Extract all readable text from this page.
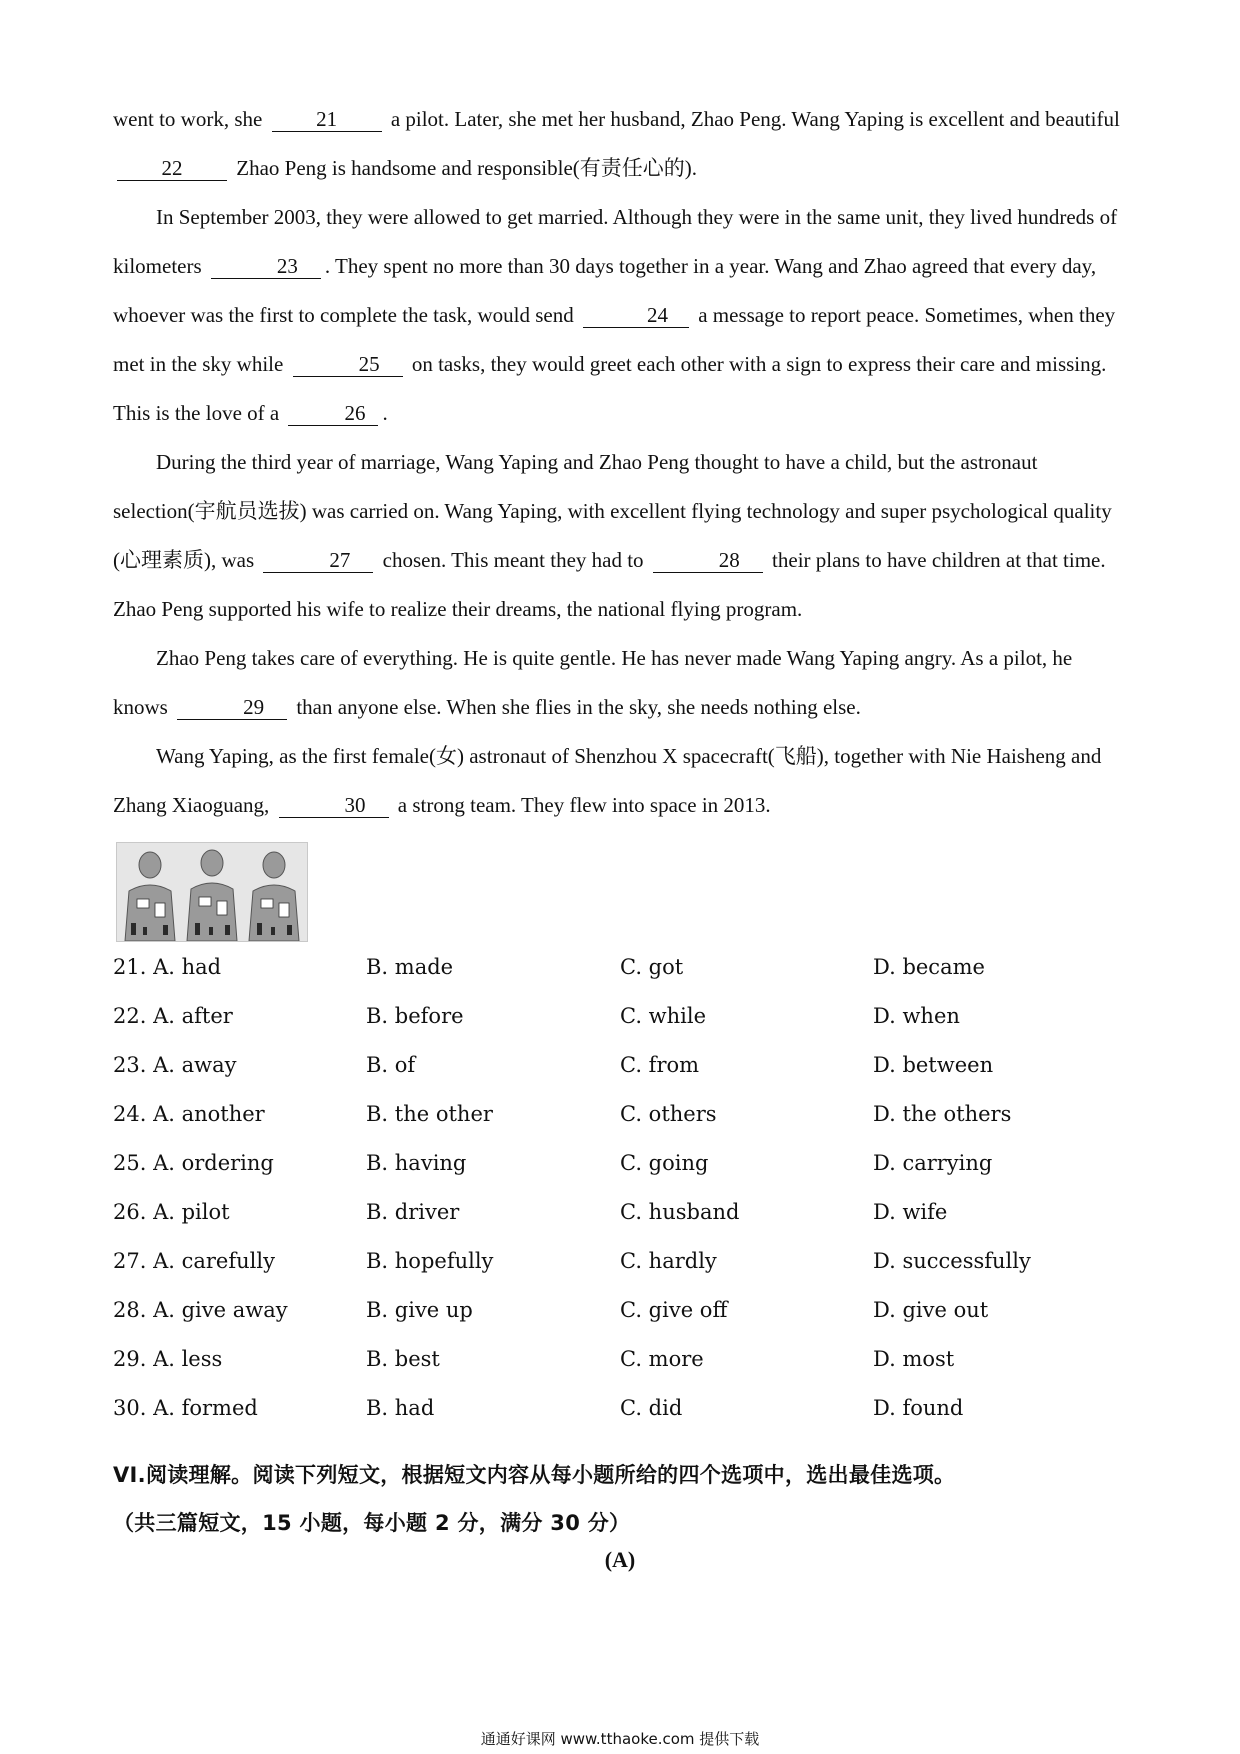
went to work, she 21 a pilot. Later, she met her husband, Zhao Peng. Wang Yaping is excellent and beautiful 22 Zhao Peng is handsome and responsible(有责任心的).

In September 2003, they were allowed to get married. Although they were in the same unit, they lived hundreds of kilometers	23 . They spent no more than 30 days together in a year. Wang and Zhao agreed that every day, whoever was the first to complete the task, would send	24 a message to report peace. Sometimes, when they met in the sky while	25 on tasks, they would greet each other with a sign to express their care and missing. This is the love of a	26 .

During the third year of marriage, Wang Yaping and Zhao Peng thought to have a child, but the astronaut selection(宇航员选拔) was carried on. Wang Yaping, with excellent flying technology and super psychological quality (心理素质), was	27 chosen. This meant they had to	28 their plans to have children at that time. Zhao Peng supported his wife to realize their dreams, the national flying program.

Zhao Peng takes care of everything. He is quite gentle. He has never made Wang Yaping angry. As a pilot, he knows	29 than anyone else. When she flies in the sky, she needs nothing else.

Wang Yaping, as the first female(女) astronaut of Shenzhou X spacecraft(飞船), together with Nie Haisheng and Zhang Xiaoguang,	30 a strong team. They flew into space in 2013.

21. A. had	B. made	C. got	D. became
22. A. after	B. before	C. while	D. when
23. A. away	B. of	C. from	D. between
24. A. another	B. the other	C. others	D. the others
25. A. ordering	B. having	C. going	D. carrying
26. A. pilot	B. driver	C. husband	D. wife
27. A. carefully	B. hopefully	C. hardly	D. successfully
28. A. give away	B. give up	C. give off	D. give out
29. A. less	B. best	C. more	D. most
30. A. formed	B. had	C. did	D. found

VI.阅读理解。阅读下列短文，根据短文内容从每小题所给的四个选项中，选出最佳选项。

（共三篇短文，15 小题，每小题 2 分，满分 30 分）

(A)
通通好课网 www.tthaoke.com 提供下载
